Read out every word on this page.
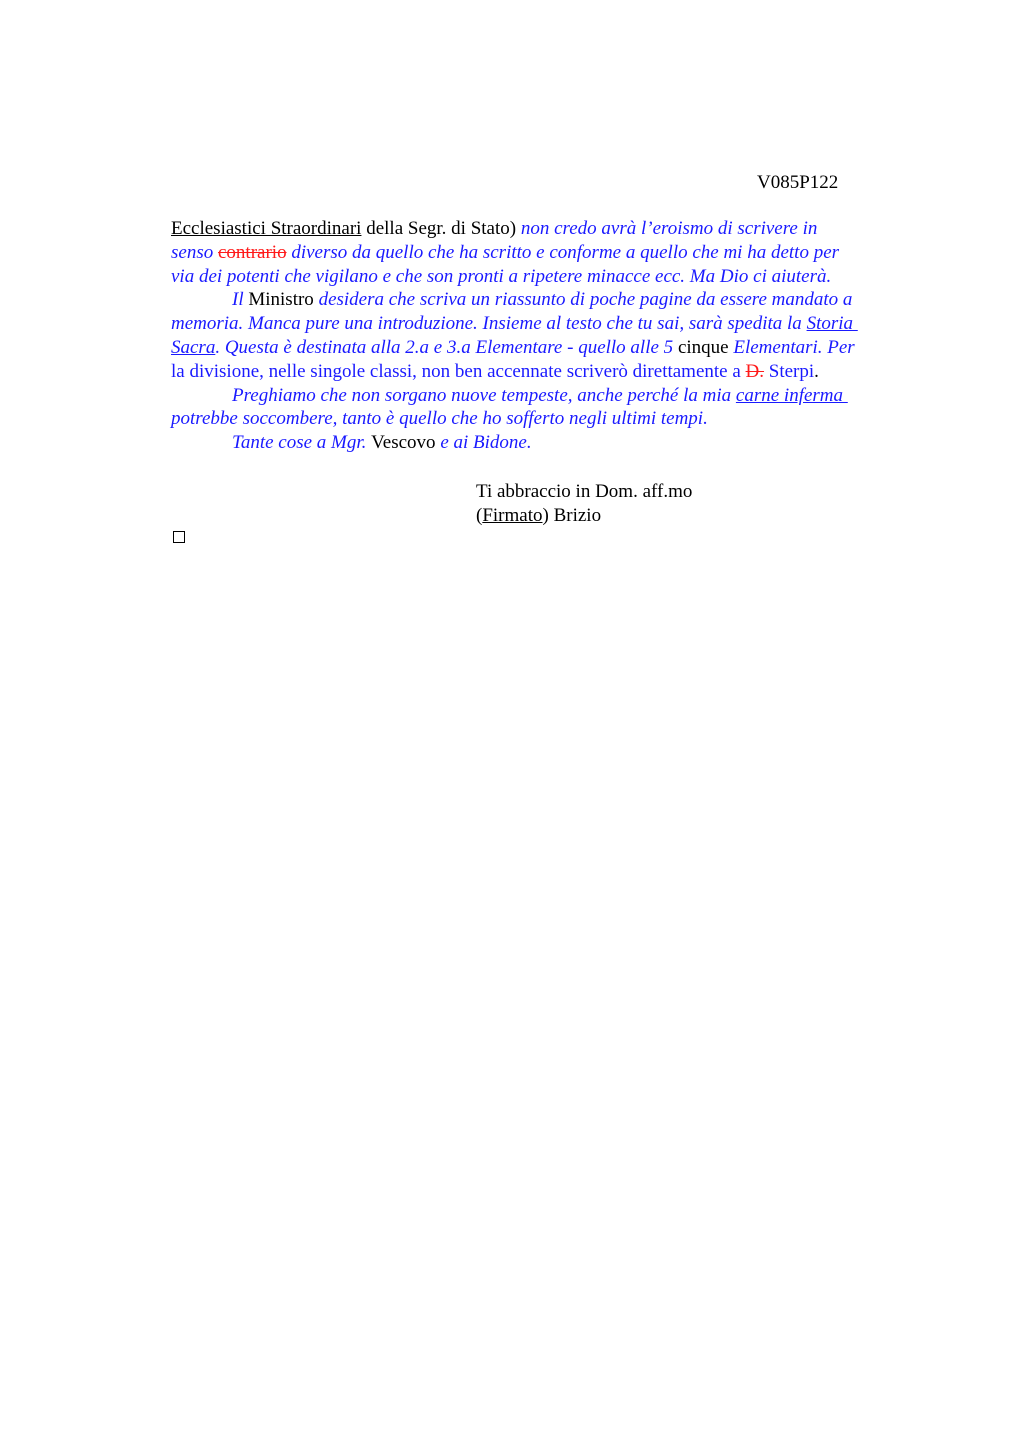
V085P122
Ecclesiastici Straordinari della Segr. di Stato) non credo avrà l’eroismo di scrivere in
senso contrario diverso da quello che ha scritto e conforme a quello che mi ha detto per
via dei potenti che vigilano e che son pronti a ripetere minacce ecc. Ma Dio ci aiuterà.
Il Ministro desidera che scriva un riassunto di poche pagine da essere mandato a
memoria. Manca pure una introduzione. Insieme al testo che tu sai, sarà spedita la Storia
Sacra. Questa è destinata alla 2.a e 3.a Elementare - quello alle 5 cinque Elementari. Per
la divisione, nelle singole classi, non ben accennate scriverò direttamente a D. Sterpi.
Preghiamo che non sorgano nuove tempeste, anche perché la mia carne inferma
potrebbe soccombere, tanto è quello che ho sofferto negli ultimi tempi.
Tante cose a Mgr. Vescovo e ai Bidone.
Ti abbraccio in Dom. aff.mo
(Firmato) Brizio
